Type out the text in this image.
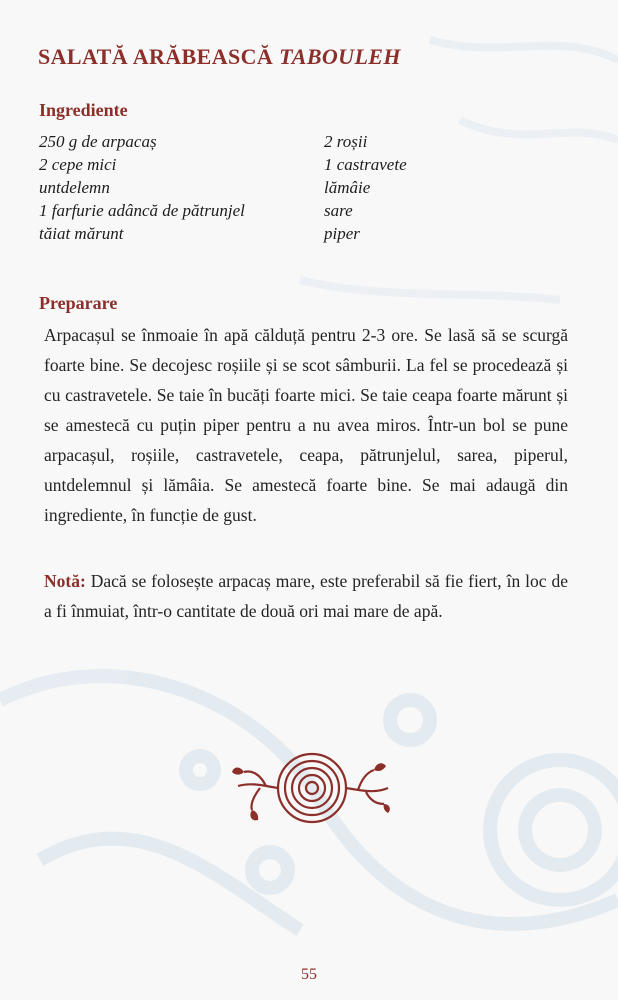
SALATĂ ARĂBEASCĂ TABOULEH
Ingrediente
250 g de arpacaș
2 cepe mici
untdelemn
1 farfurie adâncă de pătrunjel
tăiat mărunt
2 roșii
1 castravete
lămâie
sare
piper
Preparare

Arpacașul se înmoaie în apă călduță pentru 2-3 ore. Se lasă să se scurgă foarte bine. Se decojesc roșiile și se scot sâmburii. La fel se procedează și cu castravetele. Se taie în bucăți foarte mici. Se taie ceapa foarte mărunt și se amestecă cu puțin piper pentru a nu avea miros. Într-un bol se pune arpacașul, roșiile, castravetele, ceapa, pătrunjelul, sarea, piperul, untdelemnul și lămâia. Se amestecă foarte bine. Se mai adaugă din ingrediente, în funcție de gust.

Notă: Dacă se folosește arpacaș mare, este preferabil să fie fiert, în loc de a fi înmuiat, într-o cantitate de două ori mai mare de apă.

55
